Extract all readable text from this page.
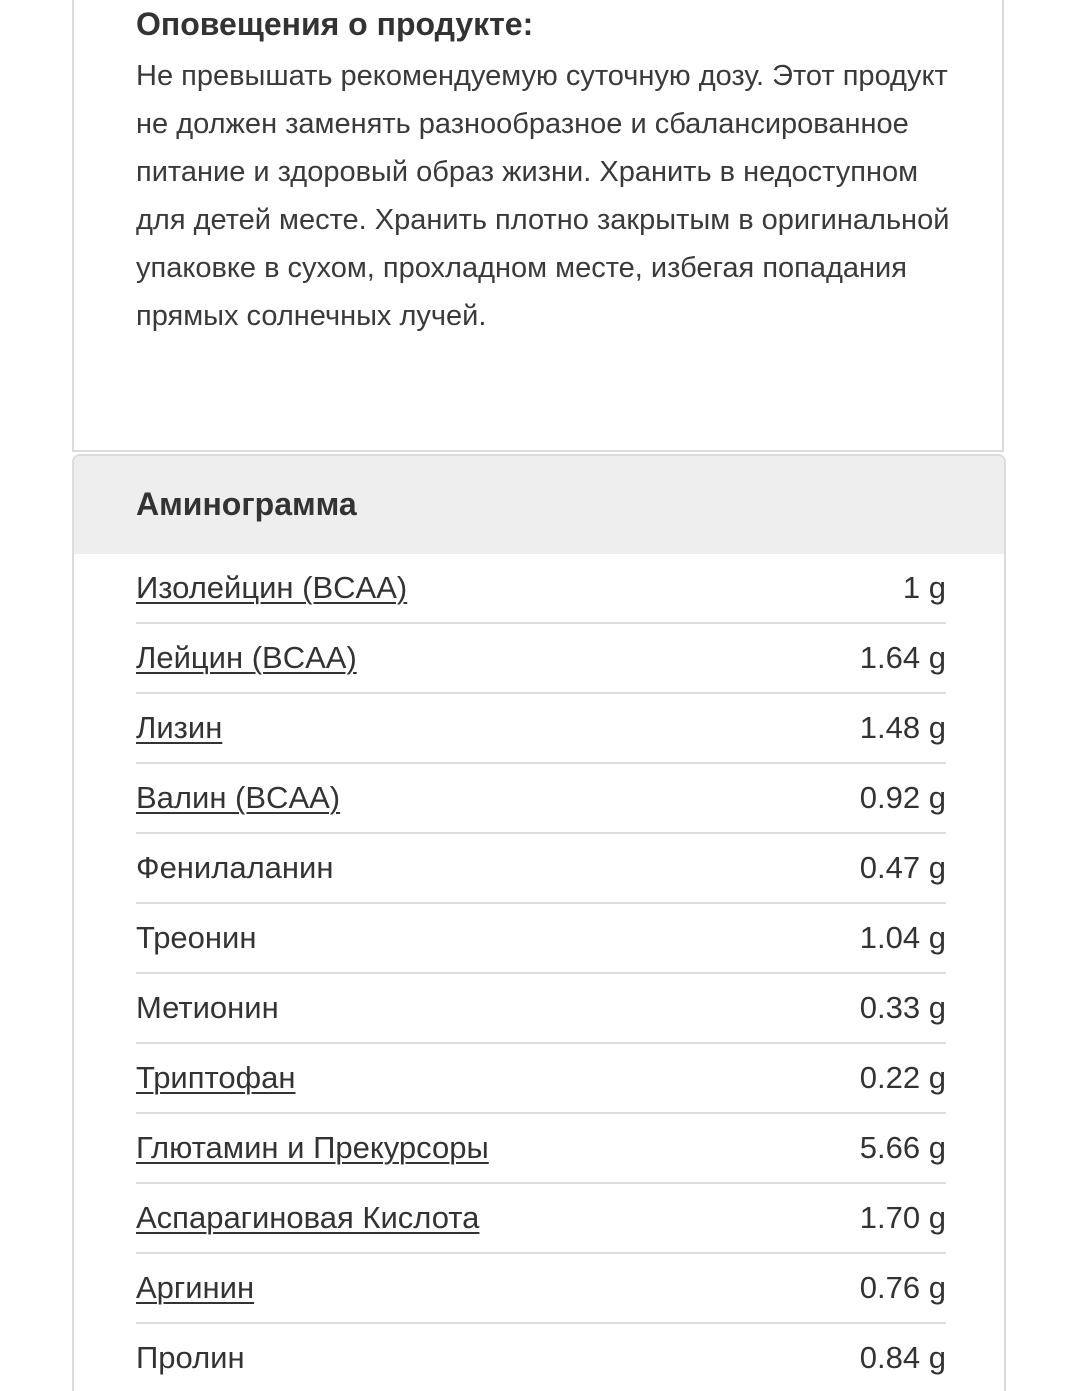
Оповещения о продукте:

Не превышать рекомендуемую суточную дозу. Этот продукт не должен заменять разнообразное и сбалансированное питание и здоровый образ жизни. Хранить в недоступном для детей месте. Хранить плотно закрытым в оригинальной упаковке в сухом, прохладном месте, избегая попадания прямых солнечных лучей.

Аминограмма
Изолейцин (BCAA)	1 g
Лейцин (BCAA)	1.64 g
Лизин	1.48 g
Валин (BCAA)	0.92 g
Фенилаланин	0.47 g
Треонин	1.04 g
Метионин	0.33 g
Триптофан	0.22 g
Глютамин и Прекурсоры	5.66 g
Аспарагиновая Кислота	1.70 g
Аргинин	0.76 g
Пролин	0.84 g
